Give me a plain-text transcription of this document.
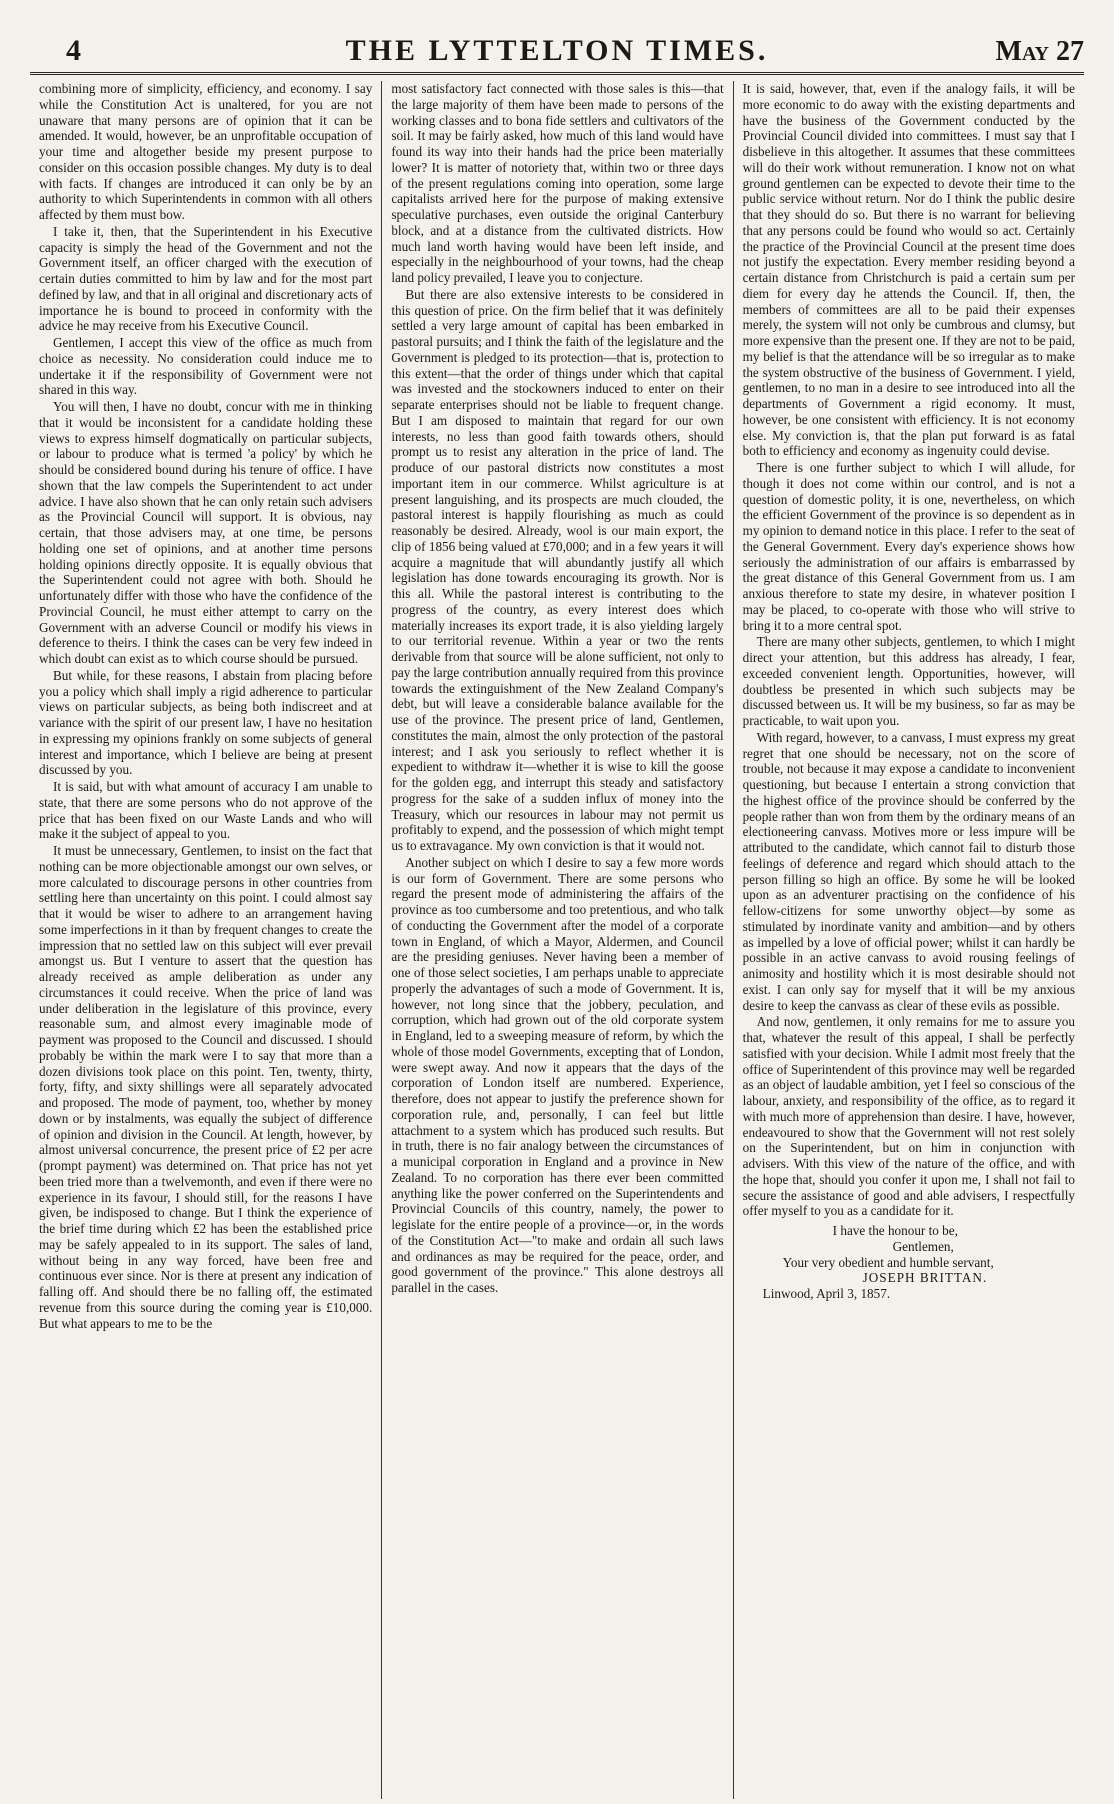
4	THE LYTTELTON TIMES.	May 27

combining more of simplicity, efficiency, and economy. I say while the Constitution Act is unaltered, for you are not unaware that many persons are of opinion that it can be amended. It would, however, be an unprofitable occupation of your time and altogether beside my present purpose to consider on this occasion possible changes. My duty is to deal with facts. If changes are introduced it can only be by an authority to which Superintendents in common with all others affected by them must bow.

I take it, then, that the Superintendent in his Executive capacity is simply the head of the Government and not the Government itself, an officer charged with the execution of certain duties committed to him by law and for the most part defined by law, and that in all original and discretionary acts of importance he is bound to proceed in conformity with the advice he may receive from his Executive Council.

Gentlemen, I accept this view of the office as much from choice as necessity. No consideration could induce me to undertake it if the responsibility of Government were not shared in this way.

You will then, I have no doubt, concur with me in thinking that it would be inconsistent for a candidate holding these views to express himself dogmatically on particular subjects, or labour to produce what is termed 'a policy' by which he should be considered bound during his tenure of office. I have shown that the law compels the Superintendent to act under advice. I have also shown that he can only retain such advisers as the Provincial Council will support. It is obvious, nay certain, that those advisers may, at one time, be persons holding one set of opinions, and at another time persons holding opinions directly opposite. It is equally obvious that the Superintendent could not agree with both. Should he unfortunately differ with those who have the confidence of the Provincial Council, he must either attempt to carry on the Government with an adverse Council or modify his views in deference to theirs. I think the cases can be very few indeed in which doubt can exist as to which course should be pursued.

But while, for these reasons, I abstain from placing before you a policy which shall imply a rigid adherence to particular views on particular subjects, as being both indiscreet and at variance with the spirit of our present law, I have no hesitation in expressing my opinions frankly on some subjects of general interest and importance, which I believe are being at present discussed by you.

It is said, but with what amount of accuracy I am unable to state, that there are some persons who do not approve of the price that has been fixed on our Waste Lands and who will make it the subject of appeal to you.

It must be unnecessary, Gentlemen, to insist on the fact that nothing can be more objectionable amongst our own selves, or more calculated to discourage persons in other countries from settling here than uncertainty on this point. I could almost say that it would be wiser to adhere to an arrangement having some imperfections in it than by frequent changes to create the impression that no settled law on this subject will ever prevail amongst us. But I venture to assert that the question has already received as ample deliberation as under any circumstances it could receive. When the price of land was under deliberation in the legislature of this province, every reasonable sum, and almost every imaginable mode of payment was proposed to the Council and discussed. I should probably be within the mark were I to say that more than a dozen divisions took place on this point. Ten, twenty, thirty, forty, fifty, and sixty shillings were all separately advocated and proposed. The mode of payment, too, whether by money down or by instalments, was equally the subject of difference of opinion and division in the Council. At length, however, by almost universal concurrence, the present price of £2 per acre (prompt payment) was determined on. That price has not yet been tried more than a twelvemonth, and even if there were no experience in its favour, I should still, for the reasons I have given, be indisposed to change. But I think the experience of the brief time during which £2 has been the established price may be safely appealed to in its support. The sales of land, without being in any way forced, have been free and continuous ever since. Nor is there at present any indication of falling off. And should there be no falling off, the estimated revenue from this source during the coming year is £10,000. But what appears to me to be the

most satisfactory fact connected with those sales is this—that the large majority of them have been made to persons of the working classes and to bona fide settlers and cultivators of the soil. It may be fairly asked, how much of this land would have found its way into their hands had the price been materially lower? It is matter of notoriety that, within two or three days of the present regulations coming into operation, some large capitalists arrived here for the purpose of making extensive speculative purchases, even outside the original Canterbury block, and at a distance from the cultivated districts. How much land worth having would have been left inside, and especially in the neighbourhood of your towns, had the cheap land policy prevailed, I leave you to conjecture.

But there are also extensive interests to be considered in this question of price. On the firm belief that it was definitely settled a very large amount of capital has been embarked in pastoral pursuits; and I think the faith of the legislature and the Government is pledged to its protection—that is, protection to this extent—that the order of things under which that capital was invested and the stockowners induced to enter on their separate enterprises should not be liable to frequent change. But I am disposed to maintain that regard for our own interests, no less than good faith towards others, should prompt us to resist any alteration in the price of land. The produce of our pastoral districts now constitutes a most important item in our commerce. Whilst agriculture is at present languishing, and its prospects are much clouded, the pastoral interest is happily flourishing as much as could reasonably be desired. Already, wool is our main export, the clip of 1856 being valued at £70,000; and in a few years it will acquire a magnitude that will abundantly justify all which legislation has done towards encouraging its growth. Nor is this all. While the pastoral interest is contributing to the progress of the country, as every interest does which materially increases its export trade, it is also yielding largely to our territorial revenue. Within a year or two the rents derivable from that source will be alone sufficient, not only to pay the large contribution annually required from this province towards the extinguishment of the New Zealand Company's debt, but will leave a considerable balance available for the use of the province. The present price of land, Gentlemen, constitutes the main, almost the only protection of the pastoral interest; and I ask you seriously to reflect whether it is expedient to withdraw it—whether it is wise to kill the goose for the golden egg, and interrupt this steady and satisfactory progress for the sake of a sudden influx of money into the Treasury, which our resources in labour may not permit us profitably to expend, and the possession of which might tempt us to extravagance. My own conviction is that it would not.

Another subject on which I desire to say a few more words is our form of Government. There are some persons who regard the present mode of administering the affairs of the province as too cumbersome and too pretentious, and who talk of conducting the Government after the model of a corporate town in England, of which a Mayor, Aldermen, and Council are the presiding geniuses. Never having been a member of one of those select societies, I am perhaps unable to appreciate properly the advantages of such a mode of Government. It is, however, not long since that the jobbery, peculation, and corruption, which had grown out of the old corporate system in England, led to a sweeping measure of reform, by which the whole of those model Governments, excepting that of London, were swept away. And now it appears that the days of the corporation of London itself are numbered. Experience, therefore, does not appear to justify the preference shown for corporation rule, and, personally, I can feel but little attachment to a system which has produced such results. But in truth, there is no fair analogy between the circumstances of a municipal corporation in England and a province in New Zealand. To no corporation has there ever been committed anything like the power conferred on the Superintendents and Provincial Councils of this country, namely, the power to legislate for the entire people of a province—or, in the words of the Constitution Act—"to make and ordain all such laws and ordinances as may be required for the peace, order, and good government of the province." This alone destroys all parallel in the cases.

It is said, however, that, even if the analogy fails, it will be more economic to do away with the existing departments and have the business of the Government conducted by the Provincial Council divided into committees. I must say that I disbelieve in this altogether. It assumes that these committees will do their work without remuneration. I know not on what ground gentlemen can be expected to devote their time to the public service without return. Nor do I think the public desire that they should do so. But there is no warrant for believing that any persons could be found who would so act. Certainly the practice of the Provincial Council at the present time does not justify the expectation. Every member residing beyond a certain distance from Christchurch is paid a certain sum per diem for every day he attends the Council. If, then, the members of committees are all to be paid their expenses merely, the system will not only be cumbrous and clumsy, but more expensive than the present one. If they are not to be paid, my belief is that the attendance will be so irregular as to make the system obstructive of the business of Government. I yield, gentlemen, to no man in a desire to see introduced into all the departments of Government a rigid economy. It must, however, be one consistent with efficiency. It is not economy else. My conviction is, that the plan put forward is as fatal both to efficiency and economy as ingenuity could devise.

There is one further subject to which I will allude, for though it does not come within our control, and is not a question of domestic polity, it is one, nevertheless, on which the efficient Government of the province is so dependent as in my opinion to demand notice in this place. I refer to the seat of the General Government. Every day's experience shows how seriously the administration of our affairs is embarrassed by the great distance of this General Government from us. I am anxious therefore to state my desire, in whatever position I may be placed, to co-operate with those who will strive to bring it to a more central spot.

There are many other subjects, gentlemen, to which I might direct your attention, but this address has already, I fear, exceeded convenient length. Opportunities, however, will doubtless be presented in which such subjects may be discussed between us. It will be my business, so far as may be practicable, to wait upon you.

With regard, however, to a canvass, I must express my great regret that one should be necessary, not on the score of trouble, not because it may expose a candidate to inconvenient questioning, but because I entertain a strong conviction that the highest office of the province should be conferred by the people rather than won from them by the ordinary means of an electioneering canvass. Motives more or less impure will be attributed to the candidate, which cannot fail to disturb those feelings of deference and regard which should attach to the person filling so high an office. By some he will be looked upon as an adventurer practising on the confidence of his fellow-citizens for some unworthy object—by some as stimulated by inordinate vanity and ambition—and by others as impelled by a love of official power; whilst it can hardly be possible in an active canvass to avoid rousing feelings of animosity and hostility which it is most desirable should not exist. I can only say for myself that it will be my anxious desire to keep the canvass as clear of these evils as possible.

And now, gentlemen, it only remains for me to assure you that, whatever the result of this appeal, I shall be perfectly satisfied with your decision. While I admit most freely that the office of Superintendent of this province may well be regarded as an object of laudable ambition, yet I feel so conscious of the labour, anxiety, and responsibility of the office, as to regard it with much more of apprehension than desire. I have, however, endeavoured to show that the Government will not rest solely on the Superintendent, but on him in conjunction with advisers. With this view of the nature of the office, and with the hope that, should you confer it upon me, I shall not fail to secure the assistance of good and able advisers, I respectfully offer myself to you as a candidate for it.

I have the honour to be,
Gentlemen,
Your very obedient and humble servant,
JOSEPH BRITTAN.
Linwood, April 3, 1857.
